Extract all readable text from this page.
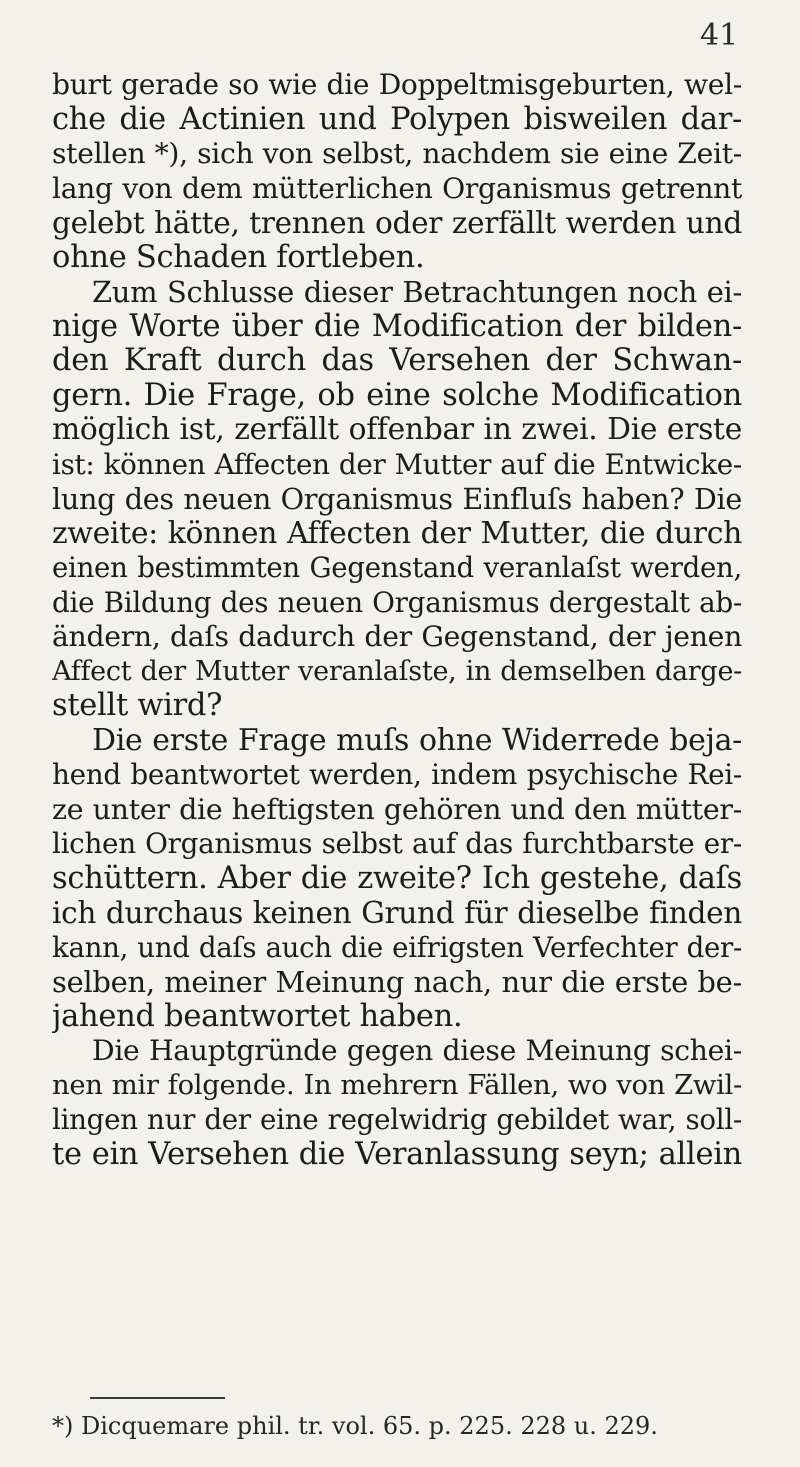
41
burt gerade so wie die Doppeltmisgeburten, wel-
che die Actinien und Polypen bisweilen dar-
stellen *), sich von selbst, nachdem sie eine Zeit-
lang von dem mütterlichen Organismus getrennt
gelebt hätte, trennen oder zerfällt werden und
ohne Schaden fortleben.
Zum Schlusse dieser Betrachtungen noch ei-
nige Worte über die Modification der bilden-
den Kraft durch das Versehen der Schwan-
gern. Die Frage, ob eine solche Modification
möglich ist, zerfällt offenbar in zwei. Die erste
ist: können Affecten der Mutter auf die Entwicke-
lung des neuen Organismus Einfluſs haben? Die
zweite: können Affecten der Mutter, die durch
einen bestimmten Gegenstand veranlaſst werden,
die Bildung des neuen Organismus dergestalt ab-
ändern, daſs dadurch der Gegenstand, der jenen
Affect der Mutter veranlaſste, in demselben darge-
stellt wird?
Die erste Frage muſs ohne Widerrede beja-
hend beantwortet werden, indem psychische Rei-
ze unter die heftigsten gehören und den mütter-
lichen Organismus selbst auf das furchtbarste er-
schüttern. Aber die zweite? Ich gestehe, daſs
ich durchaus keinen Grund für dieselbe finden
kann, und daſs auch die eifrigsten Verfechter der-
selben, meiner Meinung nach, nur die erste be-
jahend beantwortet haben.
Die Hauptgründe gegen diese Meinung schei-
nen mir folgende. In mehrern Fällen, wo von Zwil-
lingen nur der eine regelwidrig gebildet war, soll-
te ein Versehen die Veranlassung seyn; allein
*) Dicquemare phil. tr. vol. 65. p. 225. 228 u. 229.
